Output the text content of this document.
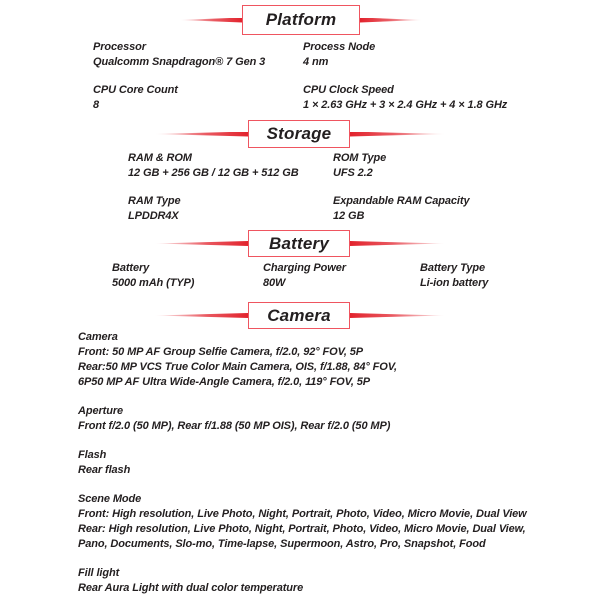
Platform
Processor
Qualcomm Snapdragon® 7 Gen 3
Process Node
4 nm
CPU Core Count
8
CPU Clock Speed
1 × 2.63 GHz + 3 × 2.4 GHz + 4 × 1.8 GHz
Storage
RAM & ROM
12 GB + 256 GB / 12 GB + 512 GB
ROM Type
UFS 2.2
RAM Type
LPDDR4X
Expandable RAM Capacity
12 GB
Battery
Battery
5000 mAh (TYP)
Charging Power
80W
Battery Type
Li-ion battery
Camera
Camera
Front: 50 MP AF Group Selfie Camera, f/2.0, 92° FOV, 5P
Rear:50 MP VCS True Color Main Camera, OIS, f/1.88, 84° FOV,
6P50 MP AF Ultra Wide-Angle Camera, f/2.0, 119° FOV, 5P
Aperture
Front f/2.0 (50 MP), Rear f/1.88 (50 MP OIS), Rear f/2.0 (50 MP)
Flash
Rear flash
Scene Mode
Front: High resolution, Live Photo, Night, Portrait, Photo, Video, Micro Movie, Dual View
Rear: High resolution, Live Photo, Night, Portrait, Photo, Video, Micro Movie, Dual View,
Pano, Documents, Slo-mo, Time-lapse, Supermoon, Astro, Pro, Snapshot, Food
Fill light
Rear Aura Light with dual color temperature
